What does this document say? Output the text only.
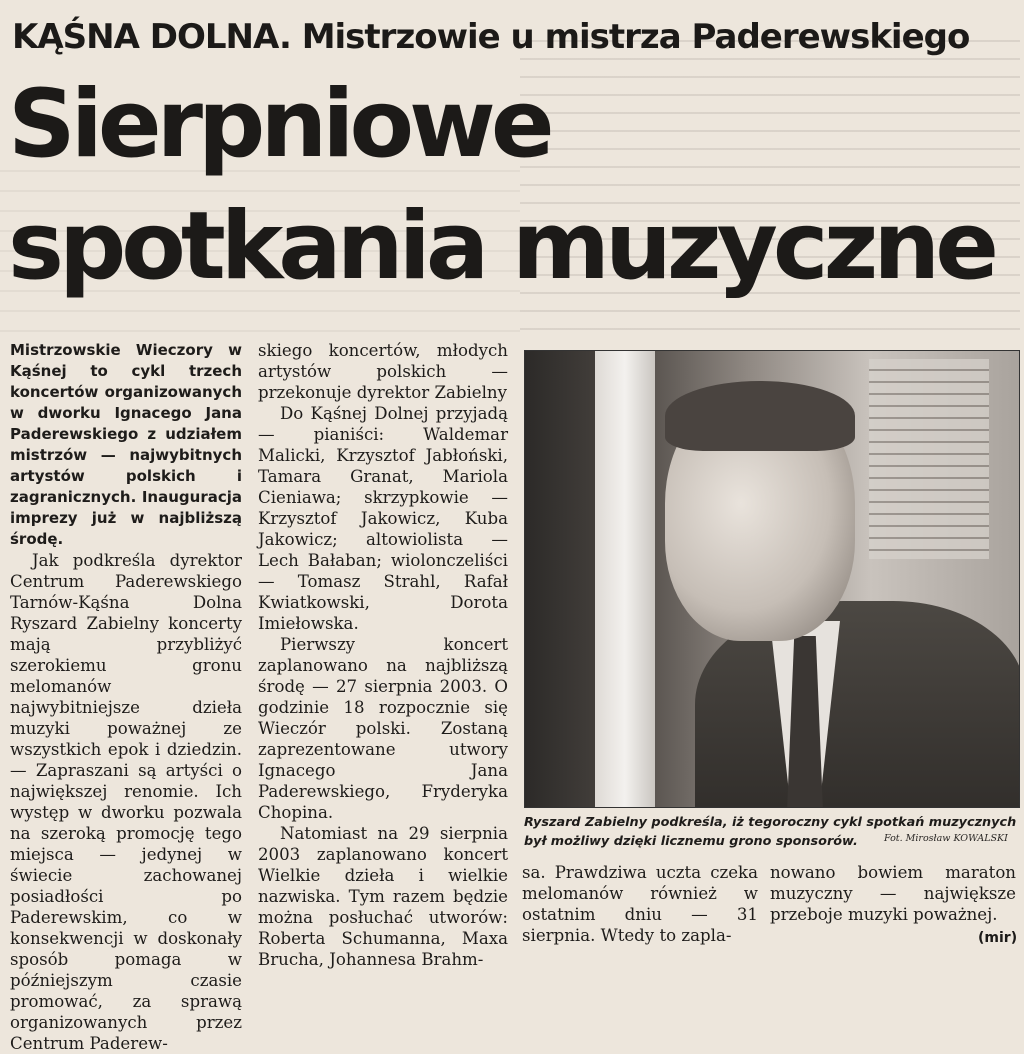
KĄŚNA DOLNA. Mistrzowie u mistrza Paderewskiego
Sierpniowe
spotkania muzyczne

Mistrzowskie Wieczory w Kąśnej to cykl trzech koncertów organizowanych w dworku Ignacego Jana Paderewskiego z udziałem mistrzów — najwybitnych artystów polskich i zagranicznych. Inauguracja imprezy już w najbliższą środę.

Jak podkreśla dyrektor Centrum Paderewskiego Tarnów-Kąśna Dolna Ryszard Zabielny koncerty mają przybliżyć szerokiemu gronu melomanów najwybitniejsze dzieła muzyki poważnej ze wszystkich epok i dziedzin. — Zapraszani są artyści o największej renomie. Ich występ w dworku pozwala na szeroką promocję tego miejsca — jedynej w świecie zachowanej posiadłości po Paderewskim, co w konsekwencji w doskonały sposób pomaga w późniejszym czasie promować, za sprawą organizowanych przez Centrum Paderew-

skiego koncertów, młodych artystów polskich — przekonuje dyrektor Zabielny

Do Kąśnej Dolnej przyjadą — pianiści: Waldemar Malicki, Krzysztof Jabłoński, Tamara Granat, Mariola Cieniawa; skrzypkowie — Krzysztof Jakowicz, Kuba Jakowicz; altowiolista — Lech Bałaban; wiolonczeliści — Tomasz Strahl, Rafał Kwiatkowski, Dorota Imiełowska.

Pierwszy koncert zaplanowano na najbliższą środę — 27 sierpnia 2003. O godzinie 18 rozpocznie się Wieczór polski. Zostaną zaprezentowane utwory Ignacego Jana Paderewskiego, Fryderyka Chopina.

Natomiast na 29 sierpnia 2003 zaplanowano koncert Wielkie dzieła i wielkie nazwiska. Tym razem będzie można posłuchać utworów: Roberta Schumanna, Maxa Brucha, Johannesa Brahm-

Ryszard Zabielny podkreśla, iż tegoroczny cykl spotkań muzycznych był możliwy dzięki licznemu grono sponsorów.	Fot. Mirosław KOWALSKI

sa. Prawdziwa uczta czeka melomanów również w ostatnim dniu — 31 sierpnia. Wtedy to zapla-

nowano bowiem maraton muzyczny — największe przeboje muzyki poważnej.

(mir)
